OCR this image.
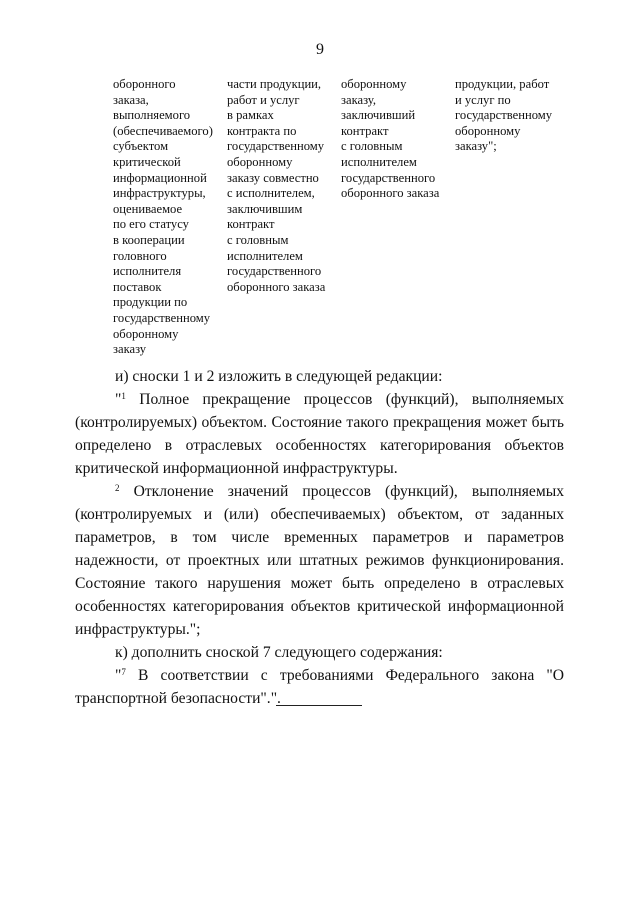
9
оборонного
заказа,
выполняемого
(обеспечиваемого)
субъектом
критической
информационной
инфраструктуры,
оцениваемое
по его статусу
в кооперации
головного
исполнителя
поставок
продукции по
государственному
оборонному
заказу
части продукции,
работ и услуг
в рамках
контракта по
государственному
оборонному
заказу совместно
с исполнителем,
заключившим
контракт
с головным
исполнителем
государственного
оборонного заказа
оборонному
заказу,
заключивший
контракт
с головным
исполнителем
государственного
оборонного заказа
продукции, работ
и услуг по
государственному
оборонному
заказу";

и) сноски 1 и 2 изложить в следующей редакции:

"$^1$ Полное прекращение процессов (функций), выполняемых (контролируемых) объектом. Состояние такого прекращения может быть определено в отраслевых особенностях категорирования объектов критической информационной инфраструктуры.

$^2$ Отклонение значений процессов (функций), выполняемых (контролируемых и (или) обеспечиваемых) объектом, от заданных параметров, в том числе временных параметров и параметров надежности, от проектных или штатных режимов функционирования. Состояние такого нарушения может быть определено в отраслевых особенностях категорирования объектов критической информационной инфраструктуры.";

к) дополнить сноской 7 следующего содержания:

"$^7$ В соответствии с требованиями Федерального закона "О транспортной безопасности".".
